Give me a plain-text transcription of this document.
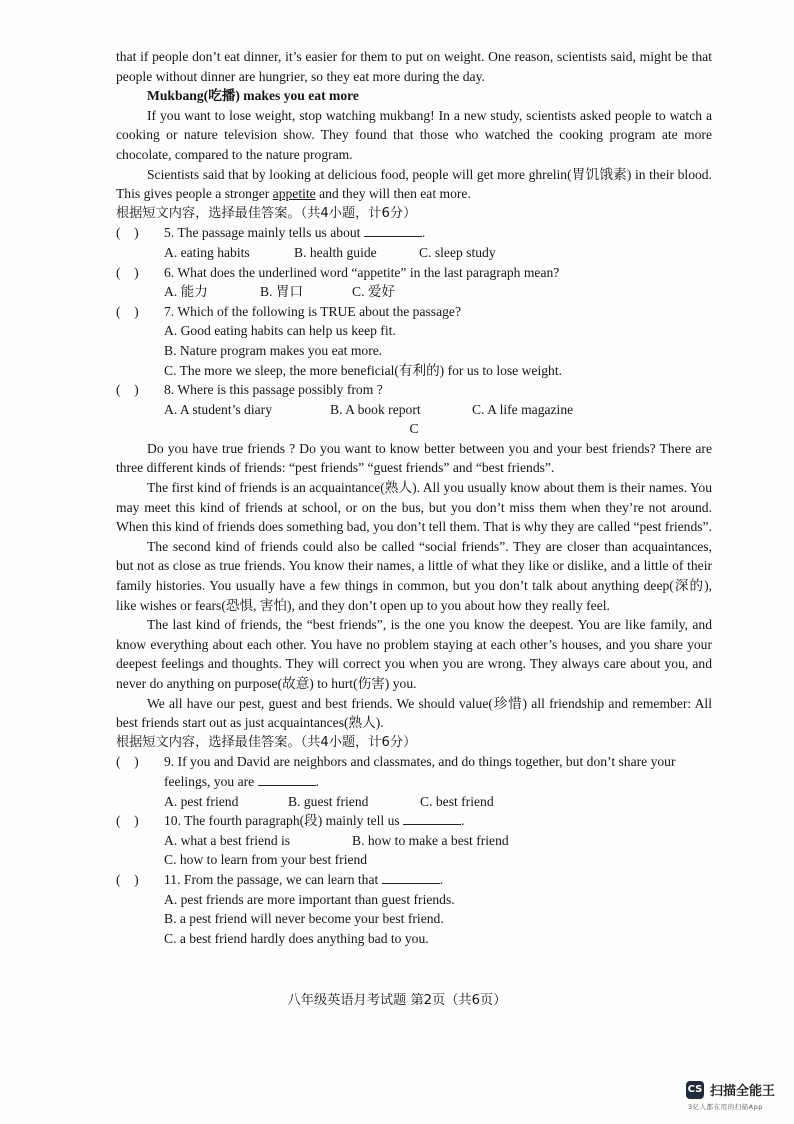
that if people don’t eat dinner, it’s easier for them to put on weight. One reason, scientists said, might be that people without dinner are hungrier, so they eat more during the day.

Mukbang(吃播) makes you eat more

If you want to lose weight, stop watching mukbang! In a new study, scientists asked people to watch a cooking or nature television show. They found that those who watched the cooking program ate more chocolate, compared to the nature program.

Scientists said that by looking at delicious food, people will get more ghrelin(胃饥饿素) in their blood. This gives people a stronger appetite and they will then eat more.

根据短文内容，选择最佳答案。（共4小题，计6分）

(    )	5. The passage mainly tells us about	.
A. eating habits	B. health guide	C. sleep study
(    )	6. What does the underlined word “appetite” in the last paragraph mean?
A. 能力	B. 胃口	C. 爱好
(    )	7. Which of the following is TRUE about the passage?
A. Good eating habits can help us keep fit.
B. Nature program makes you eat more.
C. The more we sleep, the more beneficial(有利的) for us to lose weight.
(    )	8. Where is this passage possibly from ?
A. A student’s diary	B. A book report	C. A life magazine

C

Do you have true friends ? Do you want to know better between you and your best friends? There are three different kinds of friends: “pest friends” “guest friends” and “best friends”.

The first kind of friends is an acquaintance(熟人). All you usually know about them is their names. You may meet this kind of friends at school, or on the bus, but you don’t miss them when they’re not around. When this kind of friends does something bad, you don’t tell them. That is why they are called “pest friends”.

The second kind of friends could also be called “social friends”. They are closer than acquaintances, but not as close as true friends. You know their names, a little of what they like or dislike, and a little of their family histories. You usually have a few things in common, but you don’t talk about anything deep(深的), like wishes or fears(恐惧, 害怕), and they don’t open up to you about how they really feel.

The last kind of friends, the “best friends”, is the one you know the deepest. You are like family, and know everything about each other. You have no problem staying at each other’s houses, and you share your deepest feelings and thoughts. They will correct you when you are wrong. They always care about you, and never do anything on purpose(故意) to hurt(伤害) you.

We all have our pest, guest and best friends. We should value(珍惜) all friendship and remember: All best friends start out as just acquaintances(熟人).

根据短文内容，选择最佳答案。（共4小题，计6分）

(    )	9. If you and David are neighbors and classmates, and do things together, but don’t share your feelings, you are	.
A. pest friend	B. guest friend	C. best friend
(    )	10. The fourth paragraph(段) mainly tell us	.
A. what a best friend is	B. how to make a best friend
C. how to learn from your best friend
(    )	11. From the passage, we can learn that	.
A. pest friends are more important than guest friends.
B. a pest friend will never become your best friend.
C. a best friend hardly does anything bad to you.
八年级英语月考试题 第2页（共6页）
CS 扫描全能王
3亿人都在用的扫描App
